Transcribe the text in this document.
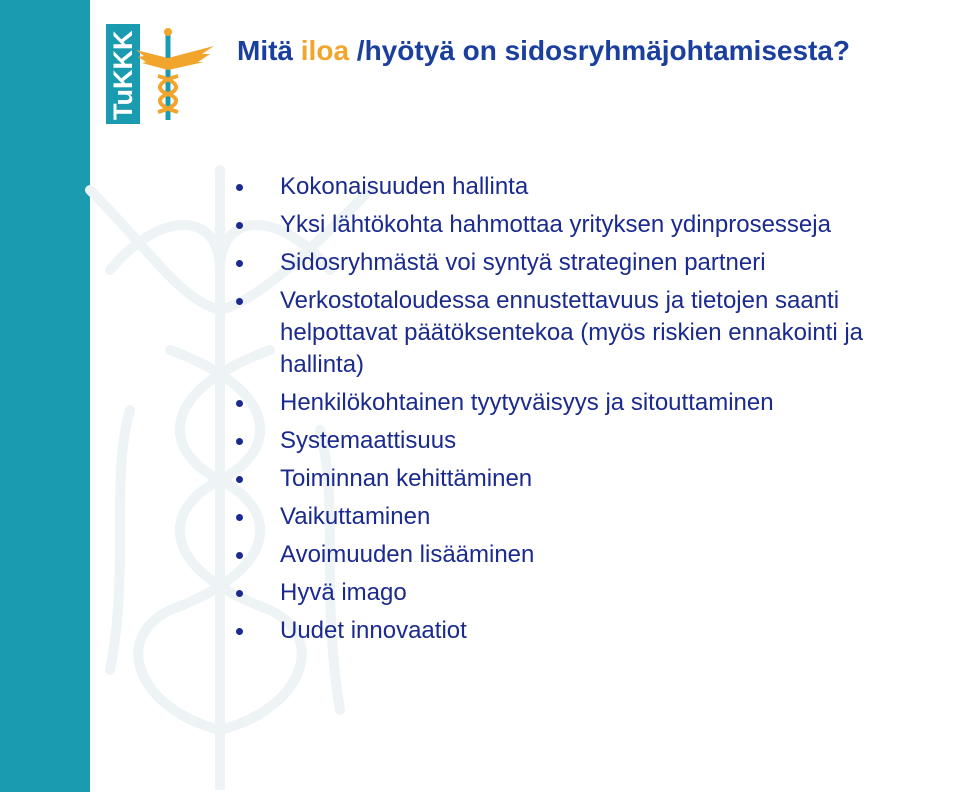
TuKKK	Mitä iloa /hyötyä on sidosryhmäjohtamisesta?
Kokonaisuuden hallinta
Yksi lähtökohta hahmottaa yrityksen ydinprosesseja
Sidosryhmästä voi syntyä strateginen partneri
Verkostotaloudessa ennustettavuus ja tietojen saanti helpottavat päätöksentekoa (myös riskien ennakointi ja hallinta)
Henkilökohtainen tyytyväisyys ja sitouttaminen
Systemaattisuus
Toiminnan kehittäminen
Vaikuttaminen
Avoimuuden lisääminen
Hyvä imago
Uudet innovaatiot
